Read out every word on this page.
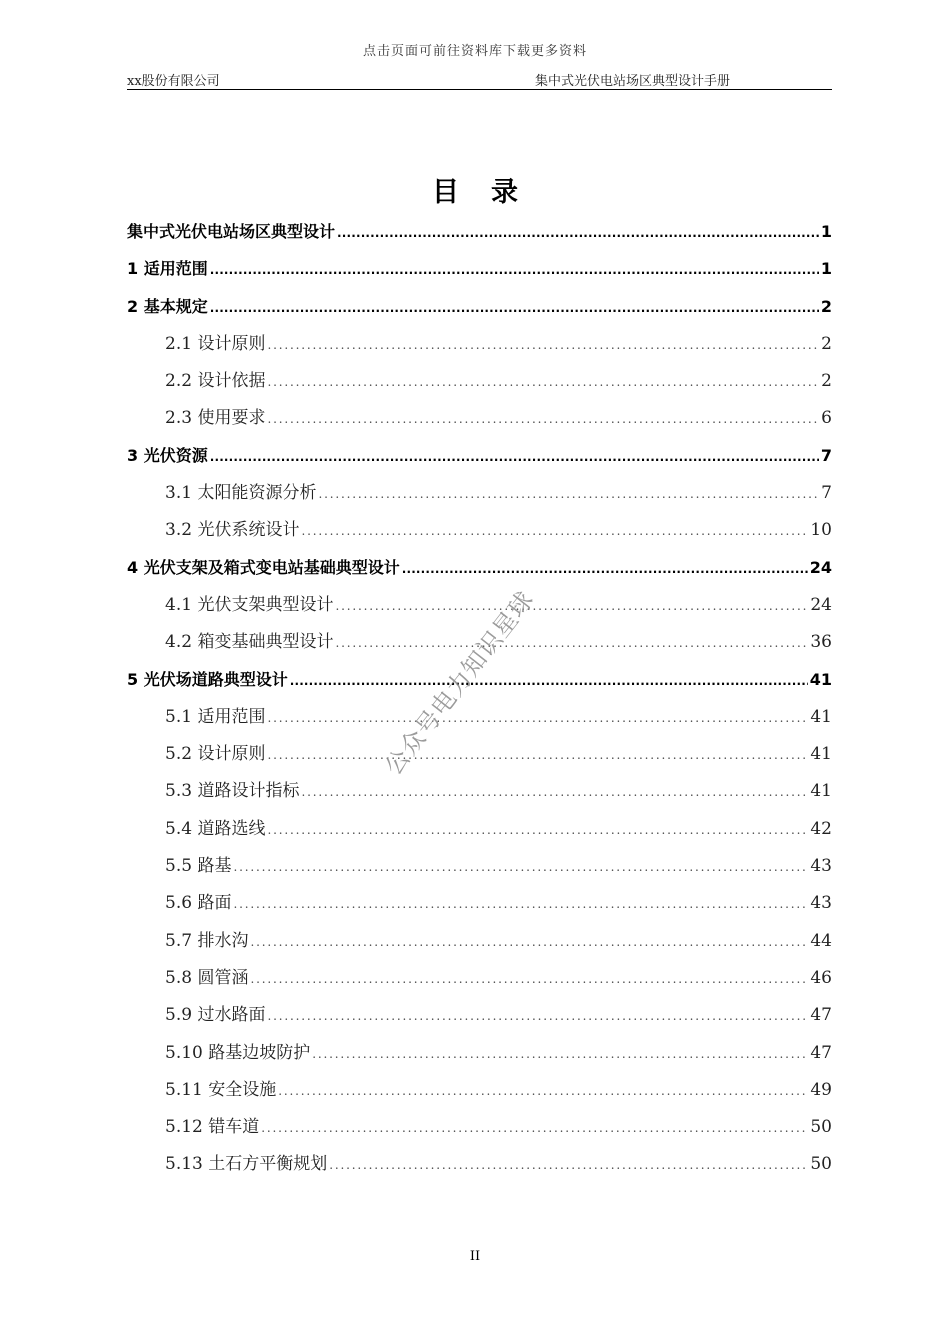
点击页面可前往资料库下载更多资料
xx股份有限公司	集中式光伏电站场区典型设计手册
目录
集中式光伏电站场区典型设计 . . .	1
1 适用范围 . . .	1
2 基本规定 . . .	2
2.1 设计原则 . . .	2
2.2 设计依据 . . .	2
2.3 使用要求 . . .	6
3 光伏资源 . . .	7
3.1 太阳能资源分析 . . .	7
3.2 光伏系统设计 . . .	10
4 光伏支架及箱式变电站基础典型设计 . . .	24
4.1 光伏支架典型设计 . . .	24
4.2 箱变基础典型设计 . . .	36
5 光伏场道路典型设计 . . .	41
5.1 适用范围 . . .	41
5.2 设计原则 . . .	41
5.3 道路设计指标 . . .	41
5.4 道路选线 . . .	42
5.5 路基 . . .	43
5.6 路面 . . .	43
5.7 排水沟 . . .	44
5.8 圆管涵 . . .	46
5.9 过水路面 . . .	47
5.10 路基边坡防护 . . .	47
5.11 安全设施 . . .	49
5.12 错车道 . . .	50
5.13 土石方平衡规划 . . .	50
II
公众号电力知识星球
